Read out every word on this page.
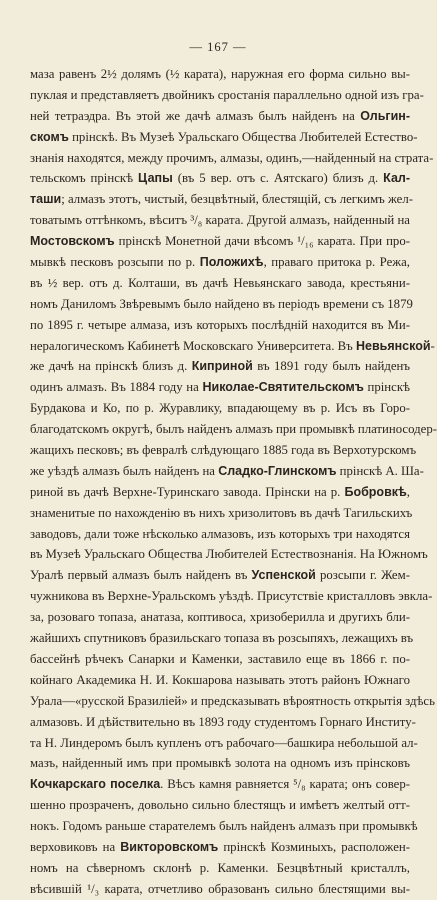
— 167 —
маза равенъ 2½ долямъ (½ карата), наружная его форма сильно вы-
пуклая и представляетъ двойникъ сростанія параллельно одной изъ гра-
ней тетраэдра. Въ этой же дачѣ алмазъ былъ найденъ на Ольгин-
скомъ прінскѣ. Въ Музеѣ Уральскаго Общества Любителей Естество-
знанія находятся, между прочимъ, алмазы, одинъ,—найденный на страта-
тельскомъ прінскѣ Цапы (въ 5 вер. отъ с. Аятскаго) близъ д. Кал-
таши; алмазъ этотъ, чистый, безцвѣтный, блестящій, съ легкимъ жел-
товатымъ оттѣнкомъ, вѣситъ ³/₈ карата. Другой алмазъ, найденный на
Мостовскомъ прінскѣ Монетной дачи вѣсомъ ¹/₁₆ карата. При про-
мывкѣ песковъ розсыпи по р. Положихѣ, праваго притока р. Режа,
въ ½ вер. отъ д. Колташи, въ дачѣ Невьянскаго завода, крестьяни-
номъ Даниломъ Звѣревымъ было найдено въ періодъ времени съ 1879
по 1895 г. четыре алмаза, изъ которыхъ послѣдній находится въ Ми-
нералогическомъ Кабинетѣ Московскаго Университета. Въ Невьянской-
же дачѣ на прінскѣ близъ д. Киприной въ 1891 году былъ найденъ
одинъ алмазъ. Въ 1884 году на Николае-Святительскомъ прінскѣ
Бурдакова и Ко, по р. Журавлику, впадающему въ р. Исъ въ Горо-
благодатскомъ округѣ, былъ найденъ алмазъ при промывкѣ платиносодер-
жащихъ песковъ; въ февралѣ слѣдующаго 1885 года въ Верхотурскомъ
же уѣздѣ алмазъ былъ найденъ на Сладко-Глинскомъ прінскѣ А. Ша-
риной въ дачѣ Верхне-Туринскаго завода. Прінски на р. Бобровкѣ,
знаменитые по нахожденію въ нихъ хризолитовъ въ дачѣ Тагильскихъ
заводовъ, дали тоже нѣсколько алмазовъ, изъ которыхъ три находятся
въ Музеѣ Уральскаго Общества Любителей Естествознанія. На Южномъ
Уралѣ первый алмазъ былъ найденъ въ Успенской розсыпи г. Жем-
чужникова въ Верхне-Уральскомъ уѣздѣ. Присутствіе кристалловъ эвкла-
за, розоваго топаза, анатаза, коптивоса, хризоберилла и другихъ бли-
жайшихъ спутниковъ бразильскаго топаза въ розсыпяхъ, лежащихъ въ
бассейнѣ рѣчекъ Санарки и Каменки, заставило еще въ 1866 г. по-
койнаго Академика Н. И. Кокшарова называть этотъ районъ Южнаго
Урала—«русской Бразиліей» и предсказывать вѣроятность открытія здѣсь
алмазовъ. И дѣйствительно въ 1893 году студентомъ Горнаго Институ-
та Н. Линдеромъ былъ купленъ отъ рабочаго—башкира небольшой ал-
мазъ, найденный имъ при промывкѣ золота на одномъ изъ прінсковъ
Кочкарскаго поселка. Вѣсъ камня равняется ⁵/₈ карата; онъ совер-
шенно прозраченъ, довольно сильно блестящъ и имѣетъ желтый отт-
нокъ. Годомъ раньше старателемъ былъ найденъ алмазъ при промывкѣ
верховиковъ на Викторовскомъ прінскѣ Козминыхъ, расположен-
номъ на сѣверномъ склонѣ р. Каменки. Безцвѣтный кристаллъ,
вѣсившій ¹/₃ карата, отчетливо образованъ сильно блестящими вы-
